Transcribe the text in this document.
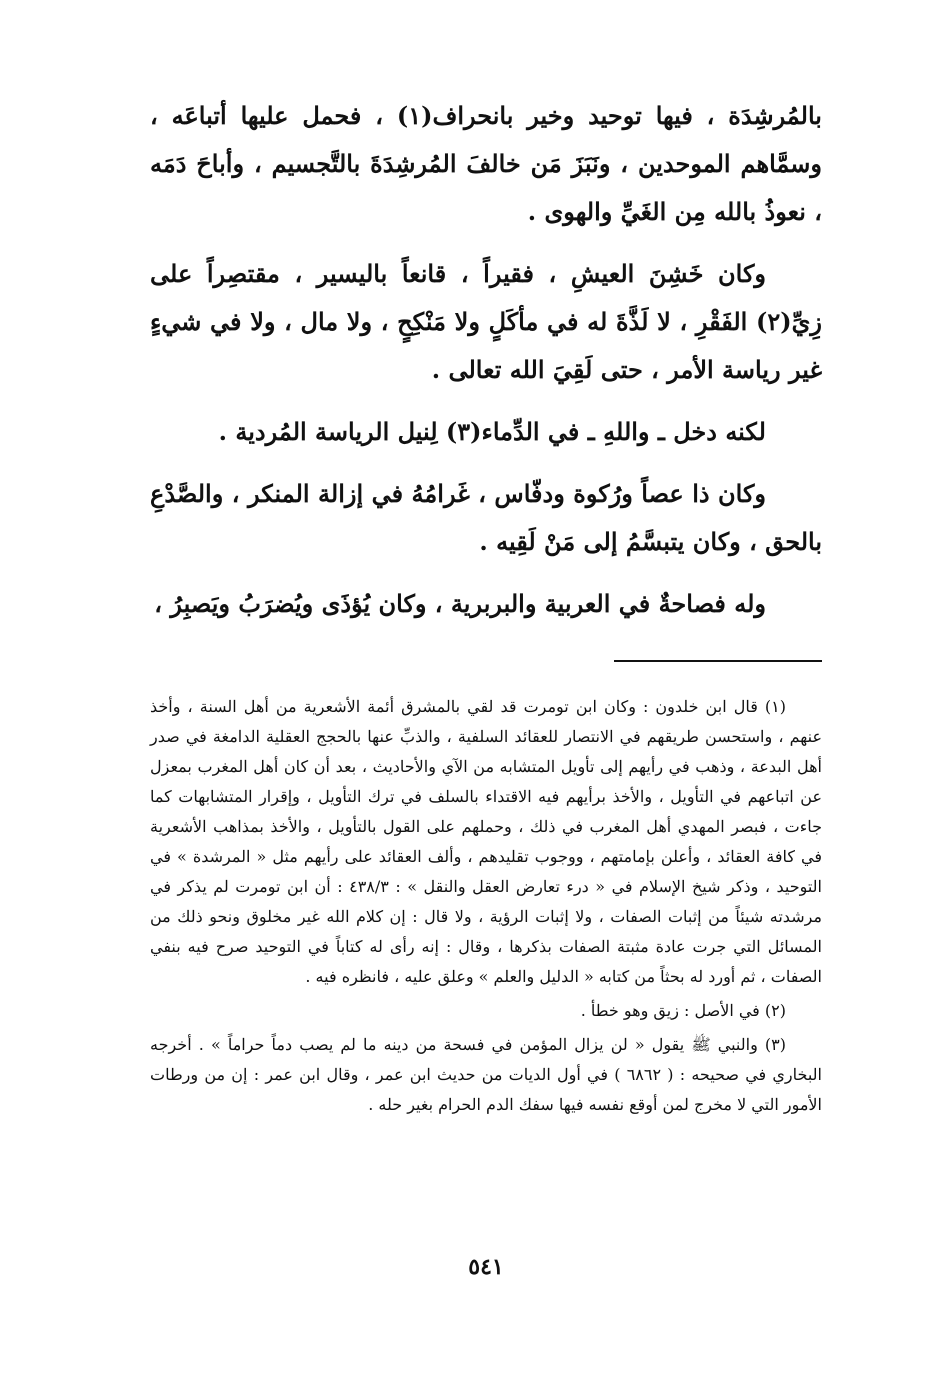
بالمُرشِدَة ، فيها توحيد وخير بانحراف(١) ، فحمل عليها أتباعَه ، وسمَّاهم الموحدين ، ونَبَزَ مَن خالفَ المُرشِدَةَ بالتَّجسيم ، وأباحَ دَمَه ، نعوذُ بالله مِن الغَيِّ والهوى .

وكان خَشِنَ العيشِ ، فقيراً ، قانعاً باليسير ، مقتصِراً على زِيِّ(٢) الفَقْرِ ، لا لَذَّةَ له في مأكَلٍ ولا مَنْكِحٍ ، ولا مال ، ولا في شيءٍ غير رياسة الأمر ، حتى لَقِيَ الله تعالى .

لكنه دخل ـ واللهِ ـ في الدِّماء(٣) لِنيل الرياسة المُردية .

وكان ذا عصاً ورُكوة ودفّاس ، غَرامُهُ في إزالة المنكر ، والصَّدْعِ بالحق ، وكان يتبسَّمُ إلى مَنْ لَقِيه .

وله فصاحةٌ في العربية والبربرية ، وكان يُؤذَى ويُضرَبُ ويَصبِرُ ،

(١) قال ابن خلدون : وكان ابن تومرت قد لقي بالمشرق أئمة الأشعرية من أهل السنة ، وأخذ عنهم ، واستحسن طريقهم في الانتصار للعقائد السلفية ، والذبِّ عنها بالحجج العقلية الدامغة في صدر أهل البدعة ، وذهب في رأيهم إلى تأويل المتشابه من الآي والأحاديث ، بعد أن كان أهل المغرب بمعزل عن اتباعهم في التأويل ، والأخذ برأيهم فيه الاقتداء بالسلف في ترك التأويل ، وإقرار المتشابهات كما جاءت ، فبصر المهدي أهل المغرب في ذلك ، وحملهم على القول بالتأويل ، والأخذ بمذاهب الأشعرية في كافة العقائد ، وأعلن بإمامتهم ، ووجوب تقليدهم ، وألف العقائد على رأيهم مثل « المرشدة » في التوحيد ، وذكر شيخ الإسلام في « درء تعارض العقل والنقل » : ٤٣٨/٣ : أن ابن تومرت لم يذكر في مرشدته شيئاً من إثبات الصفات ، ولا إثبات الرؤية ، ولا قال : إن كلام الله غير مخلوق ونحو ذلك من المسائل التي جرت عادة مثبتة الصفات بذكرها ، وقال : إنه رأى له كتاباً في التوحيد صرح فيه بنفي الصفات ، ثم أورد له بحثاً من كتابه « الدليل والعلم » وعلق عليه ، فانظره فيه .

(٢) في الأصل : زيق وهو خطأ .

(٣) والنبي ﷺ يقول « لن يزال المؤمن في فسحة من دينه ما لم يصب دماً حراماً » . أخرجه البخاري في صحيحه : ( ٦٨٦٢ ) في أول الديات من حديث ابن عمر ، وقال ابن عمر : إن من ورطات الأمور التي لا مخرج لمن أوقع نفسه فيها سفك الدم الحرام بغير حله .

٥٤١
